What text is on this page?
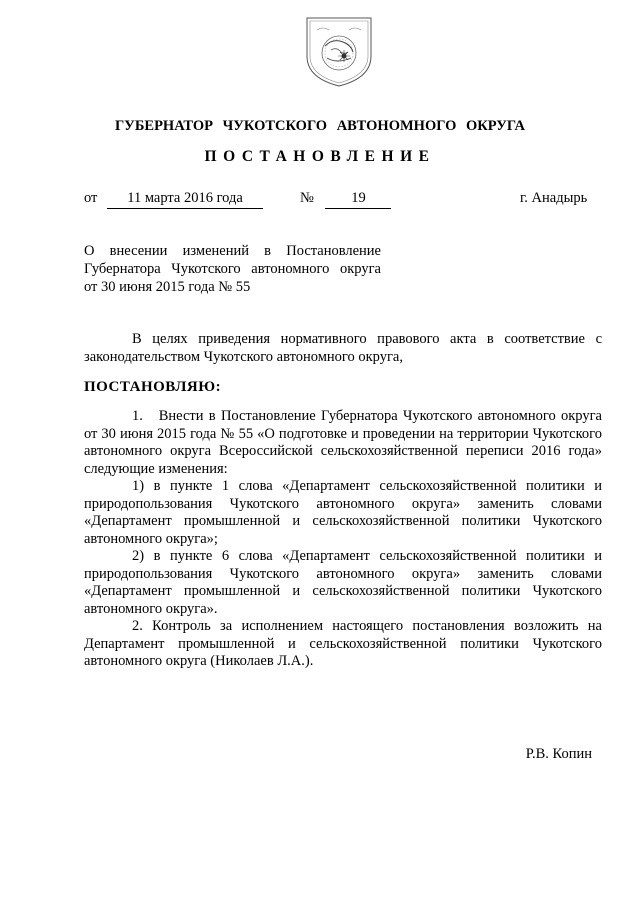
ГУБЕРНАТОР ЧУКОТСКОГО АВТОНОМНОГО ОКРУГА
ПОСТАНОВЛЕНИЕ
от 11 марта 2016 года	№	19	г. Анадырь
О внесении изменений в Постановление
Губернатора Чукотского автономного округа
от 30 июня 2015 года № 55

В целях приведения нормативного правового акта в соответствие с законодательством Чукотского автономного округа,

ПОСТАНОВЛЯЮ:

1.   Внести в Постановление Губернатора Чукотского автономного округа от 30 июня 2015 года № 55 «О подготовке и проведении на территории Чукотского автономного округа Всероссийской сельскохозяйственной переписи 2016 года» следующие изменения:

1) в пункте 1 слова «Департамент сельскохозяйственной политики и природопользования Чукотского автономного округа» заменить словами «Департамент промышленной и сельскохозяйственной политики Чукотского автономного округа»;

2) в пункте 6 слова «Департамент сельскохозяйственной политики и природопользования Чукотского автономного округа» заменить словами «Департамент промышленной и сельскохозяйственной политики Чукотского автономного округа».

2. Контроль за исполнением настоящего постановления возложить на Департамент промышленной и сельскохозяйственной политики Чукотского автономного округа (Николаев Л.А.).

Р.В. Копин
